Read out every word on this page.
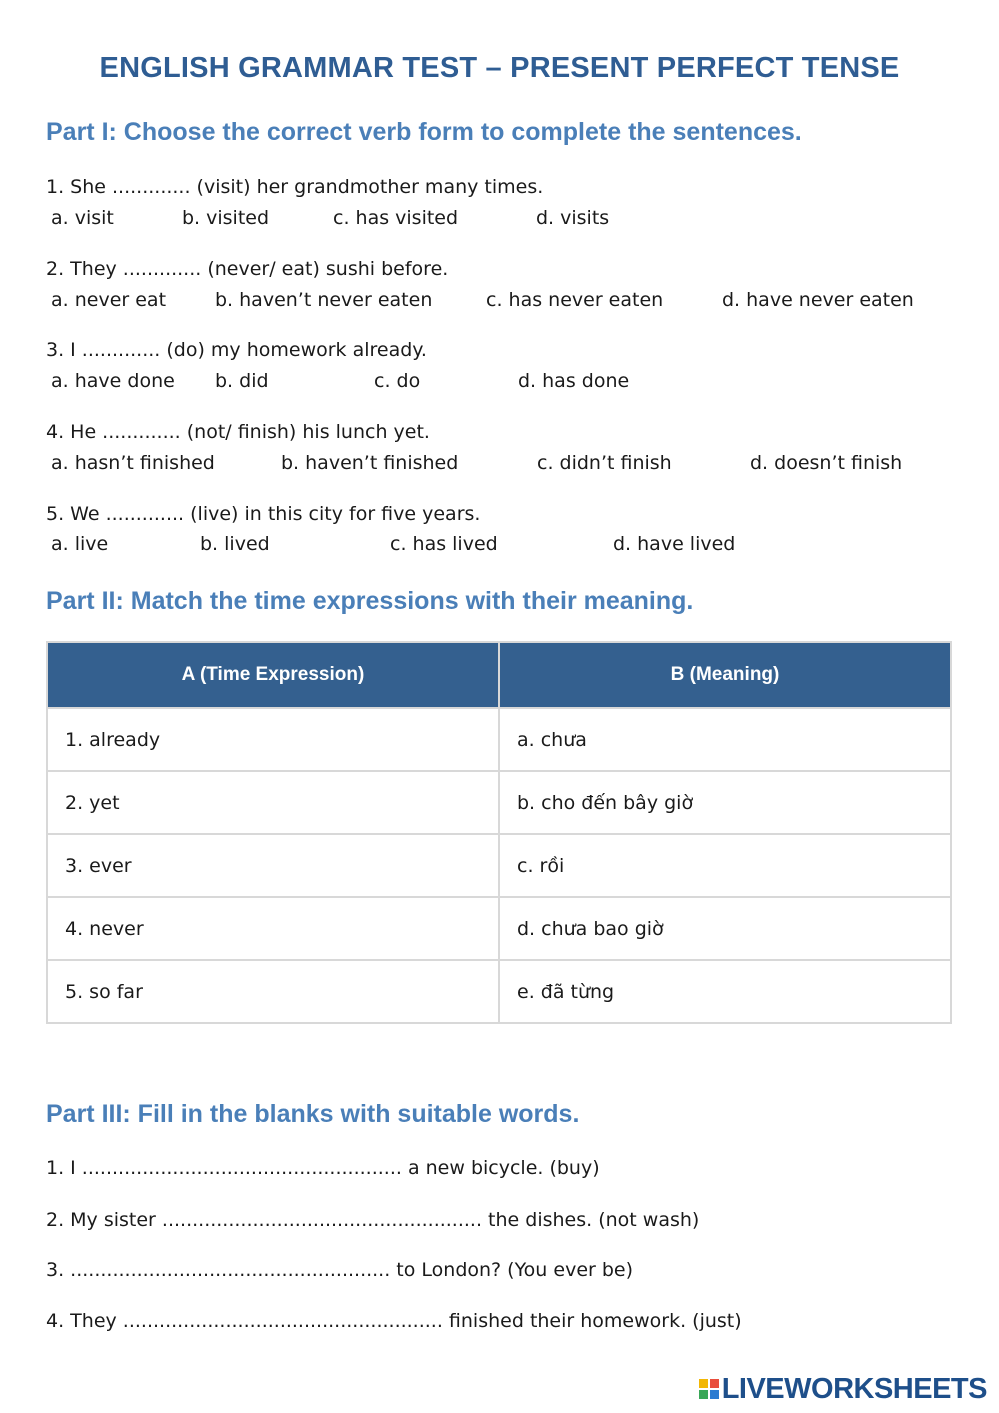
ENGLISH GRAMMAR TEST – PRESENT PERFECT TENSE
Part I: Choose the correct verb form to complete the sentences.
1. She ............. (visit) her grandmother many times.
a. visit	b. visited	c. has visited	d. visits
2. They ............. (never/ eat) sushi before.
a. never eat	b. haven’t never eaten	c. has never eaten	d. have never eaten
3. I ............. (do) my homework already.
a. have done b. did	c. do	d. has done
4. He ............. (not/ finish) his lunch yet.
a. hasn’t finished	b. haven’t finished	c. didn’t finish	d. doesn’t finish
5. We ............. (live) in this city for five years.
a. live	b. lived	c. has lived	d. have lived
Part II: Match the time expressions with their meaning.
A (Time Expression)	B (Meaning)
1. already	a. chưa
2. yet	b. cho đến bây giờ
3. ever	c. rồi
4. never	d. chưa bao giờ
5. so far	e. đã từng
Part III: Fill in the blanks with suitable words.
1. I ..................................................... a new bicycle. (buy)
2. My sister ..................................................... the dishes. (not wash)
3. ..................................................... to London? (You ever be)
4. They ..................................................... finished their homework. (just)
LIVEWORKSHEETS
